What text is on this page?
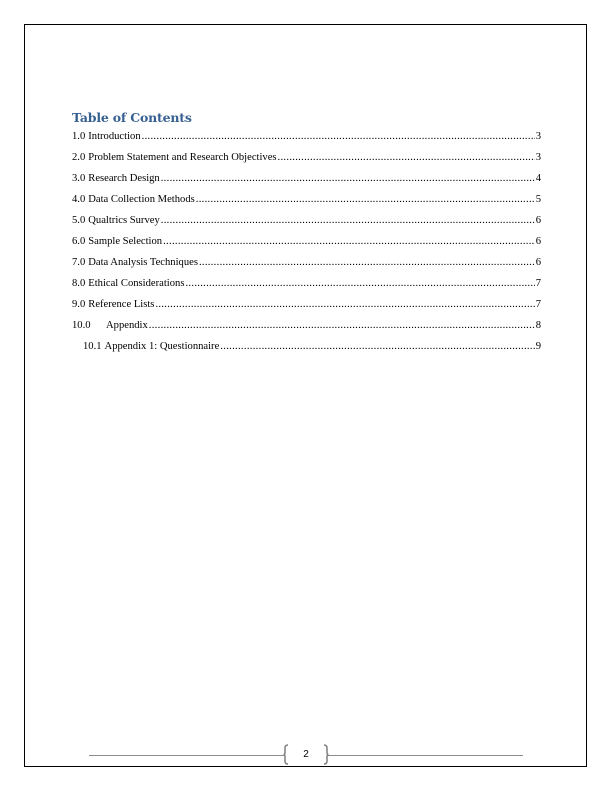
Table of Contents
1.0 Introduction .....	3
2.0 Problem Statement and Research Objectives .....	3
3.0 Research Design .....	4
4.0 Data Collection Methods .....	5
5.0 Qualtrics Survey .....	6
6.0 Sample Selection .....	6
7.0 Data Analysis Techniques .....	6
8.0 Ethical Considerations .....	7
9.0 Reference Lists .....	7
10.0	Appendix .....	8
10.1 Appendix 1: Questionnaire .....	9
2
